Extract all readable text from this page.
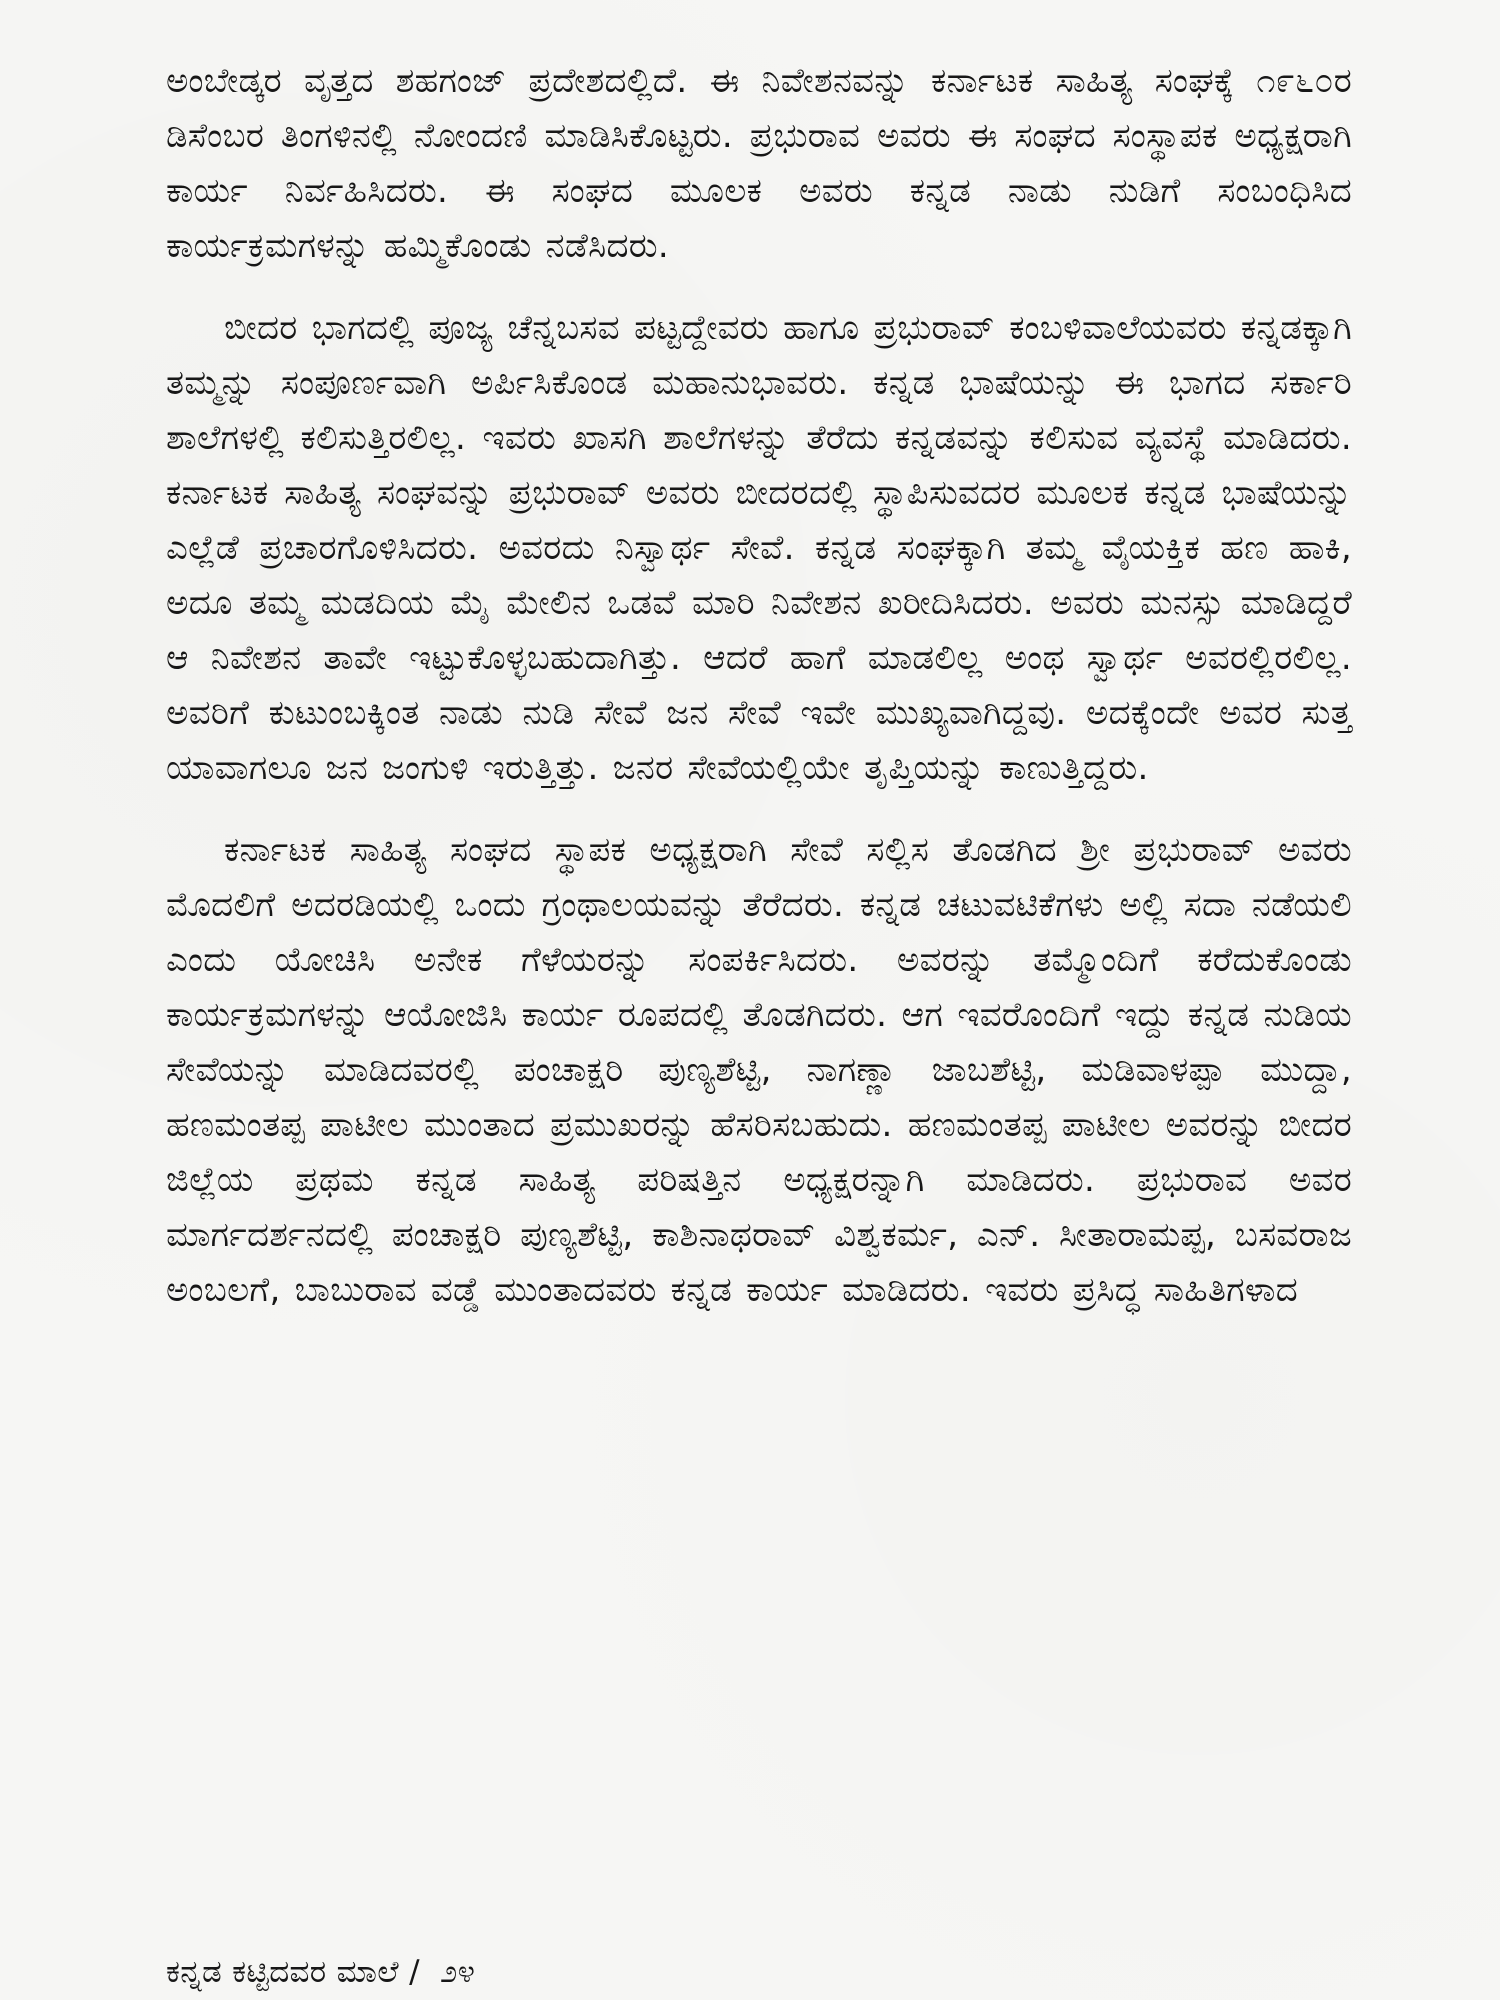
ಅಂಬೇಡ್ಕರ ವೃತ್ತದ ಶಹಗಂಜ್ ಪ್ರದೇಶದಲ್ಲಿದೆ. ಈ ನಿವೇಶನವನ್ನು ಕರ್ನಾಟಕ ಸಾಹಿತ್ಯ ಸಂಘಕ್ಕೆ ೧೯೬೦ರ ಡಿಸೆಂಬರ ತಿಂಗಳಿನಲ್ಲಿ ನೋಂದಣಿ ಮಾಡಿಸಿಕೊಟ್ಟರು. ಪ್ರಭುರಾವ ಅವರು ಈ ಸಂಘದ ಸಂಸ್ಥಾಪಕ ಅಧ್ಯಕ್ಷರಾಗಿ ಕಾರ್ಯ ನಿರ್ವಹಿಸಿದರು. ಈ ಸಂಘದ ಮೂಲಕ ಅವರು ಕನ್ನಡ ನಾಡು ನುಡಿಗೆ ಸಂಬಂಧಿಸಿದ ಕಾರ್ಯಕ್ರಮಗಳನ್ನು ಹಮ್ಮಿಕೊಂಡು ನಡೆಸಿದರು.

ಬೀದರ ಭಾಗದಲ್ಲಿ ಪೂಜ್ಯ ಚೆನ್ನಬಸವ ಪಟ್ಟದ್ದೇವರು ಹಾಗೂ ಪ್ರಭುರಾವ್ ಕಂಬಳಿವಾಲೆಯವರು ಕನ್ನಡಕ್ಕಾಗಿ ತಮ್ಮನ್ನು ಸಂಪೂರ್ಣವಾಗಿ ಅರ್ಪಿಸಿಕೊಂಡ ಮಹಾನುಭಾವರು. ಕನ್ನಡ ಭಾಷೆಯನ್ನು ಈ ಭಾಗದ ಸರ್ಕಾರಿ ಶಾಲೆಗಳಲ್ಲಿ ಕಲಿಸುತ್ತಿರಲಿಲ್ಲ. ಇವರು ಖಾಸಗಿ ಶಾಲೆಗಳನ್ನು ತೆರೆದು ಕನ್ನಡವನ್ನು ಕಲಿಸುವ ವ್ಯವಸ್ಥೆ ಮಾಡಿದರು. ಕರ್ನಾಟಕ ಸಾಹಿತ್ಯ ಸಂಘವನ್ನು ಪ್ರಭುರಾವ್ ಅವರು ಬೀದರದಲ್ಲಿ ಸ್ಥಾಪಿಸುವದರ ಮೂಲಕ ಕನ್ನಡ ಭಾಷೆಯನ್ನು ಎಲ್ಲೆಡೆ ಪ್ರಚಾರಗೊಳಿಸಿದರು. ಅವರದು ನಿಸ್ವಾರ್ಥ ಸೇವೆ. ಕನ್ನಡ ಸಂಘಕ್ಕಾಗಿ ತಮ್ಮ ವೈಯಕ್ತಿಕ ಹಣ ಹಾಕಿ, ಅದೂ ತಮ್ಮ ಮಡದಿಯ ಮೈ ಮೇಲಿನ ಒಡವೆ ಮಾರಿ ನಿವೇಶನ ಖರೀದಿಸಿದರು. ಅವರು ಮನಸ್ಸು ಮಾಡಿದ್ದರೆ ಆ ನಿವೇಶನ ತಾವೇ ಇಟ್ಟುಕೊಳ್ಳಬಹುದಾಗಿತ್ತು. ಆದರೆ ಹಾಗೆ ಮಾಡಲಿಲ್ಲ ಅಂಥ ಸ್ವಾರ್ಥ ಅವರಲ್ಲಿರಲಿಲ್ಲ. ಅವರಿಗೆ ಕುಟುಂಬಕ್ಕಿಂತ ನಾಡು ನುಡಿ ಸೇವೆ ಜನ ಸೇವೆ ಇವೇ ಮುಖ್ಯವಾಗಿದ್ದವು. ಅದಕ್ಕೆಂದೇ ಅವರ ಸುತ್ತ ಯಾವಾಗಲೂ ಜನ ಜಂಗುಳಿ ಇರುತ್ತಿತ್ತು. ಜನರ ಸೇವೆಯಲ್ಲಿಯೇ ತೃಪ್ತಿಯನ್ನು ಕಾಣುತ್ತಿದ್ದರು.

ಕರ್ನಾಟಕ ಸಾಹಿತ್ಯ ಸಂಘದ ಸ್ಥಾಪಕ ಅಧ್ಯಕ್ಷರಾಗಿ ಸೇವೆ ಸಲ್ಲಿಸ ತೊಡಗಿದ ಶ್ರೀ ಪ್ರಭುರಾವ್ ಅವರು ಮೊದಲಿಗೆ ಅದರಡಿಯಲ್ಲಿ ಒಂದು ಗ್ರಂಥಾಲಯವನ್ನು ತೆರೆದರು. ಕನ್ನಡ ಚಟುವಟಿಕೆಗಳು ಅಲ್ಲಿ ಸದಾ ನಡೆಯಲಿ ಎಂದು ಯೋಚಿಸಿ ಅನೇಕ ಗೆಳೆಯರನ್ನು ಸಂಪರ್ಕಿಸಿದರು. ಅವರನ್ನು ತಮ್ಮೊಂದಿಗೆ ಕರೆದುಕೊಂಡು ಕಾರ್ಯಕ್ರಮಗಳನ್ನು ಆಯೋಜಿಸಿ ಕಾರ್ಯ ರೂಪದಲ್ಲಿ ತೊಡಗಿದರು. ಆಗ ಇವರೊಂದಿಗೆ ಇದ್ದು ಕನ್ನಡ ನುಡಿಯ ಸೇವೆಯನ್ನು ಮಾಡಿದವರಲ್ಲಿ ಪಂಚಾಕ್ಷರಿ ಪುಣ್ಯಶೆಟ್ಟಿ, ನಾಗಣ್ಣಾ ಜಾಬಶೆಟ್ಟಿ, ಮಡಿವಾಳಪ್ಪಾ ಮುದ್ದಾ, ಹಣಮಂತಪ್ಪ ಪಾಟೀಲ ಮುಂತಾದ ಪ್ರಮುಖರನ್ನು ಹೆಸರಿಸಬಹುದು. ಹಣಮಂತಪ್ಪ ಪಾಟೀಲ ಅವರನ್ನು ಬೀದರ ಜಿಲ್ಲೆಯ ಪ್ರಥಮ ಕನ್ನಡ ಸಾಹಿತ್ಯ ಪರಿಷತ್ತಿನ ಅಧ್ಯಕ್ಷರನ್ನಾಗಿ ಮಾಡಿದರು. ಪ್ರಭುರಾವ ಅವರ ಮಾರ್ಗದರ್ಶನದಲ್ಲಿ ಪಂಚಾಕ್ಷರಿ ಪುಣ್ಯಶೆಟ್ಟಿ, ಕಾಶಿನಾಥರಾವ್ ವಿಶ್ವಕರ್ಮ, ಎನ್. ಸೀತಾರಾಮಪ್ಪ, ಬಸವರಾಜ ಅಂಬಲಗೆ, ಬಾಬುರಾವ ವಡ್ಡೆ ಮುಂತಾದವರು ಕನ್ನಡ ಕಾರ್ಯ ಮಾಡಿದರು. ಇವರು ಪ್ರಸಿದ್ಧ ಸಾಹಿತಿಗಳಾದ

ಕನ್ನಡ ಕಟ್ಟಿದವರ ಮಾಲೆ / ೨೪
